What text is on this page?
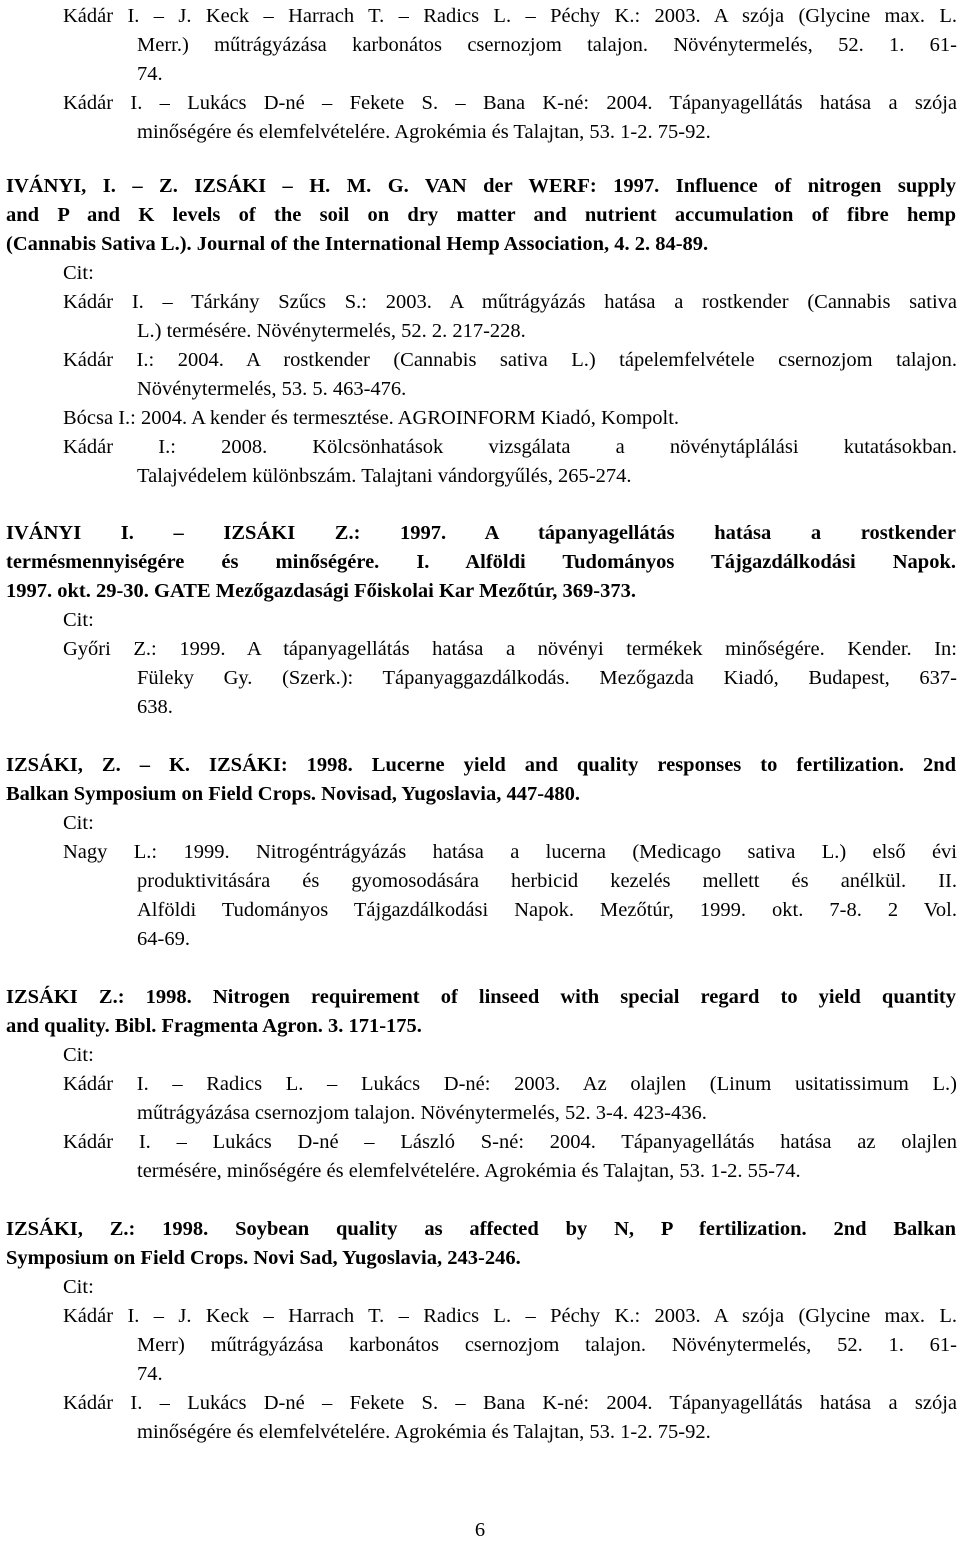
Kádár I. – J. Keck – Harrach T. – Radics L. – Péchy K.: 2003. A szója (Glycine max. L.
Merr.) műtrágyázása karbonátos csernozjom talajon. Növénytermelés, 52. 1. 61-
74.
Kádár I. – Lukács D-né – Fekete S. – Bana K-né: 2004. Tápanyagellátás hatása a szója
minőségére és elemfelvételére. Agrokémia és Talajtan, 53. 1-2. 75-92.
IVÁNYI, I. – Z. IZSÁKI – H. M. G. VAN der WERF: 1997. Influence of nitrogen supply
and P and K levels of the soil on dry matter and nutrient accumulation of fibre hemp
(Cannabis Sativa L.). Journal of the International Hemp Association, 4. 2. 84-89.
Cit:
Kádár I. – Tárkány Szűcs S.: 2003. A műtrágyázás hatása a rostkender (Cannabis sativa
L.) termésére. Növénytermelés, 52. 2. 217-228.
Kádár I.: 2004. A rostkender (Cannabis sativa L.) tápelemfelvétele csernozjom talajon.
Növénytermelés, 53. 5. 463-476.
Bócsa I.: 2004. A kender és termesztése. AGROINFORM Kiadó, Kompolt.
Kádár I.: 2008. Kölcsönhatások vizsgálata a növénytáplálási kutatásokban.
Talajvédelem különbszám. Talajtani vándorgyűlés, 265-274.
IVÁNYI I. – IZSÁKI Z.: 1997. A tápanyagellátás hatása a rostkender
termésmennyiségére és minőségére. I. Alföldi Tudományos Tájgazdálkodási Napok.
1997. okt. 29-30. GATE Mezőgazdasági Főiskolai Kar Mezőtúr, 369-373.
Cit:
Győri Z.: 1999. A tápanyagellátás hatása a növényi termékek minőségére. Kender. In:
Füleky Gy. (Szerk.): Tápanyaggazdálkodás. Mezőgazda Kiadó, Budapest, 637-
638.
IZSÁKI, Z. – K. IZSÁKI: 1998. Lucerne yield and quality responses to fertilization. 2nd
Balkan Symposium on Field Crops. Novisad, Yugoslavia, 447-480.
Cit:
Nagy L.: 1999. Nitrogéntrágyázás hatása a lucerna (Medicago sativa L.) első évi
produktivitására és gyomosodására herbicid kezelés mellett és anélkül. II.
Alföldi Tudományos Tájgazdálkodási Napok. Mezőtúr, 1999. okt. 7-8. 2 Vol.
64-69.
IZSÁKI Z.: 1998. Nitrogen requirement of linseed with special regard to yield quantity
and quality. Bibl. Fragmenta Agron. 3. 171-175.
Cit:
Kádár I. – Radics L. – Lukács D-né: 2003. Az olajlen (Linum usitatissimum L.)
műtrágyázása csernozjom talajon. Növénytermelés, 52. 3-4. 423-436.
Kádár I. – Lukács D-né – László S-né: 2004. Tápanyagellátás hatása az olajlen
termésére, minőségére és elemfelvételére. Agrokémia és Talajtan, 53. 1-2. 55-74.
IZSÁKI, Z.: 1998. Soybean quality as affected by N, P fertilization. 2nd Balkan
Symposium on Field Crops. Novi Sad, Yugoslavia, 243-246.
Cit:
Kádár I. – J. Keck – Harrach T. – Radics L. – Péchy K.: 2003. A szója (Glycine max. L.
Merr) műtrágyázása karbonátos csernozjom talajon. Növénytermelés, 52. 1. 61-
74.
Kádár I. – Lukács D-né – Fekete S. – Bana K-né: 2004. Tápanyagellátás hatása a szója
minőségére és elemfelvételére. Agrokémia és Talajtan, 53. 1-2. 75-92.
6
